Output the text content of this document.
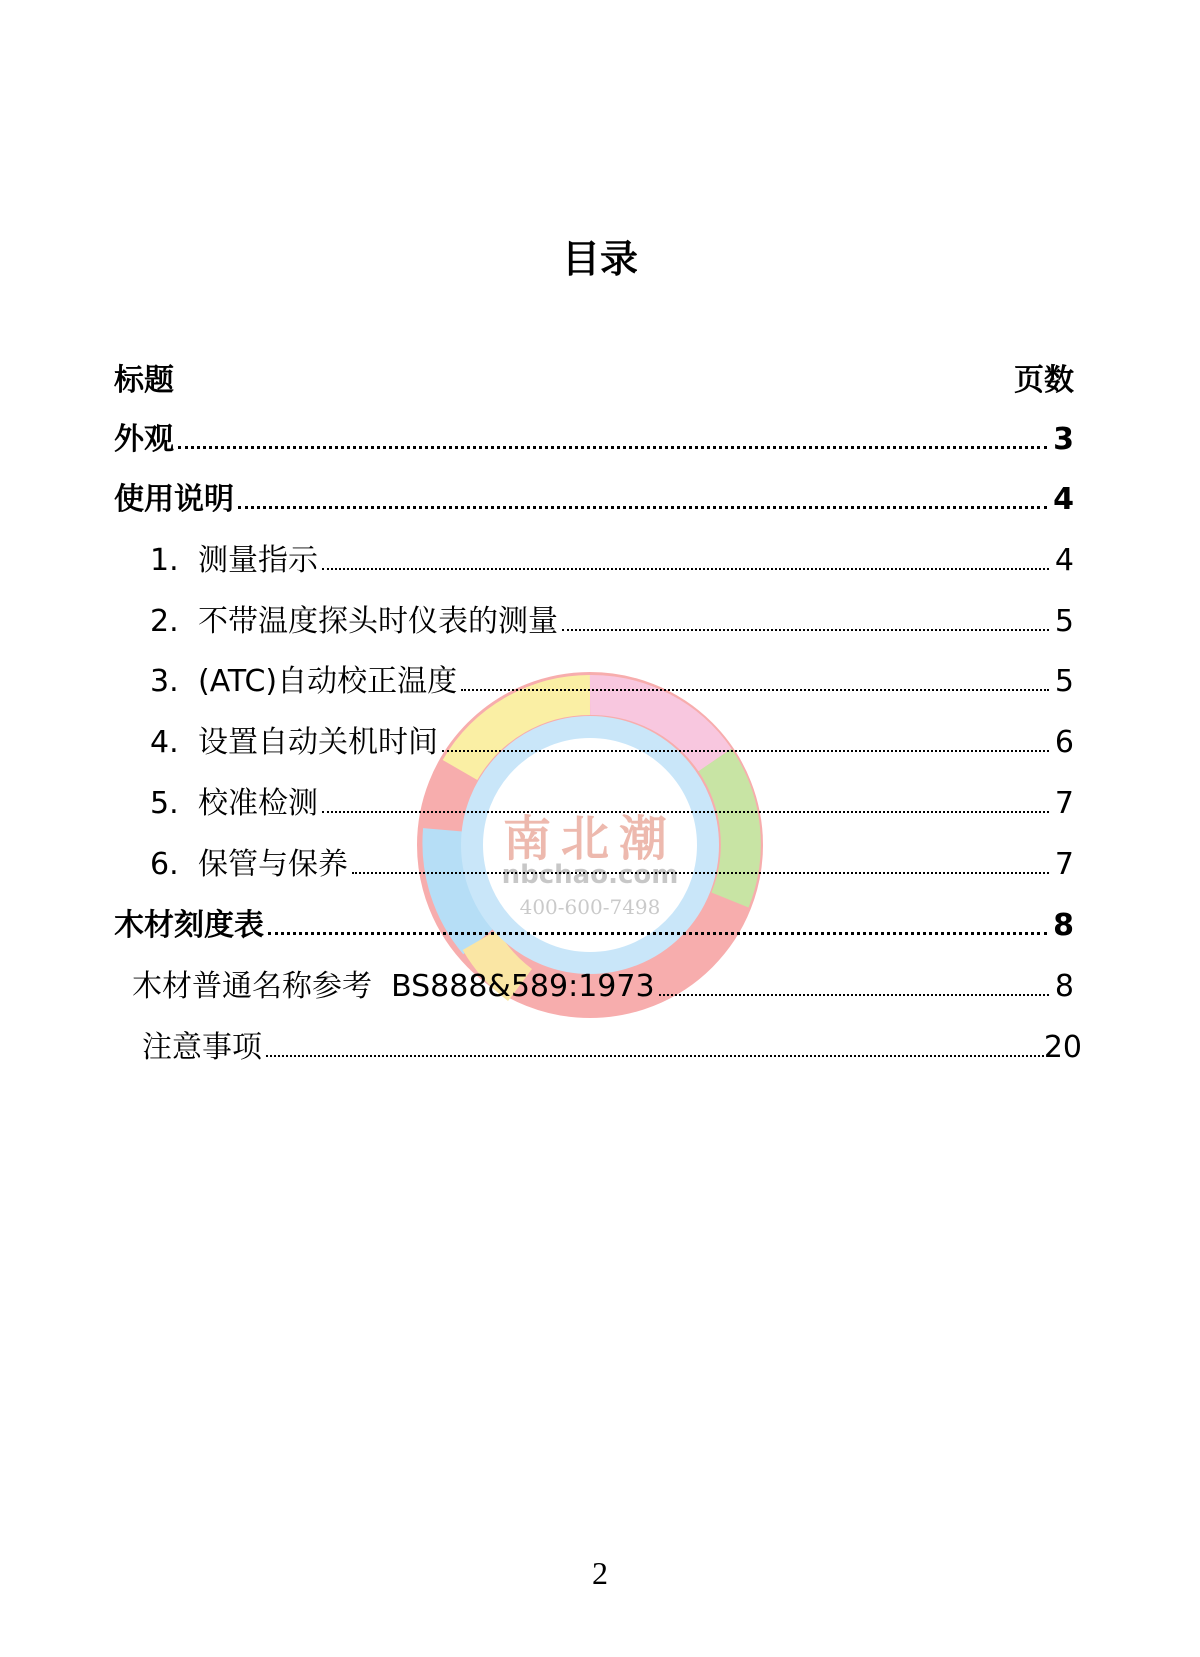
南北潮
nbchao.com
400-600-7498
目录
标题	页数
外观	3
使用说明	4
1. 测量指示	4
2. 不带温度探头时仪表的测量	5
3. (ATC)自动校正温度	5
4. 设置自动关机时间	6
5. 校准检测	7
6. 保管与保养	7
木材刻度表	8
木材普通名称参考  BS888&589:1973	8
注意事项	20
2
